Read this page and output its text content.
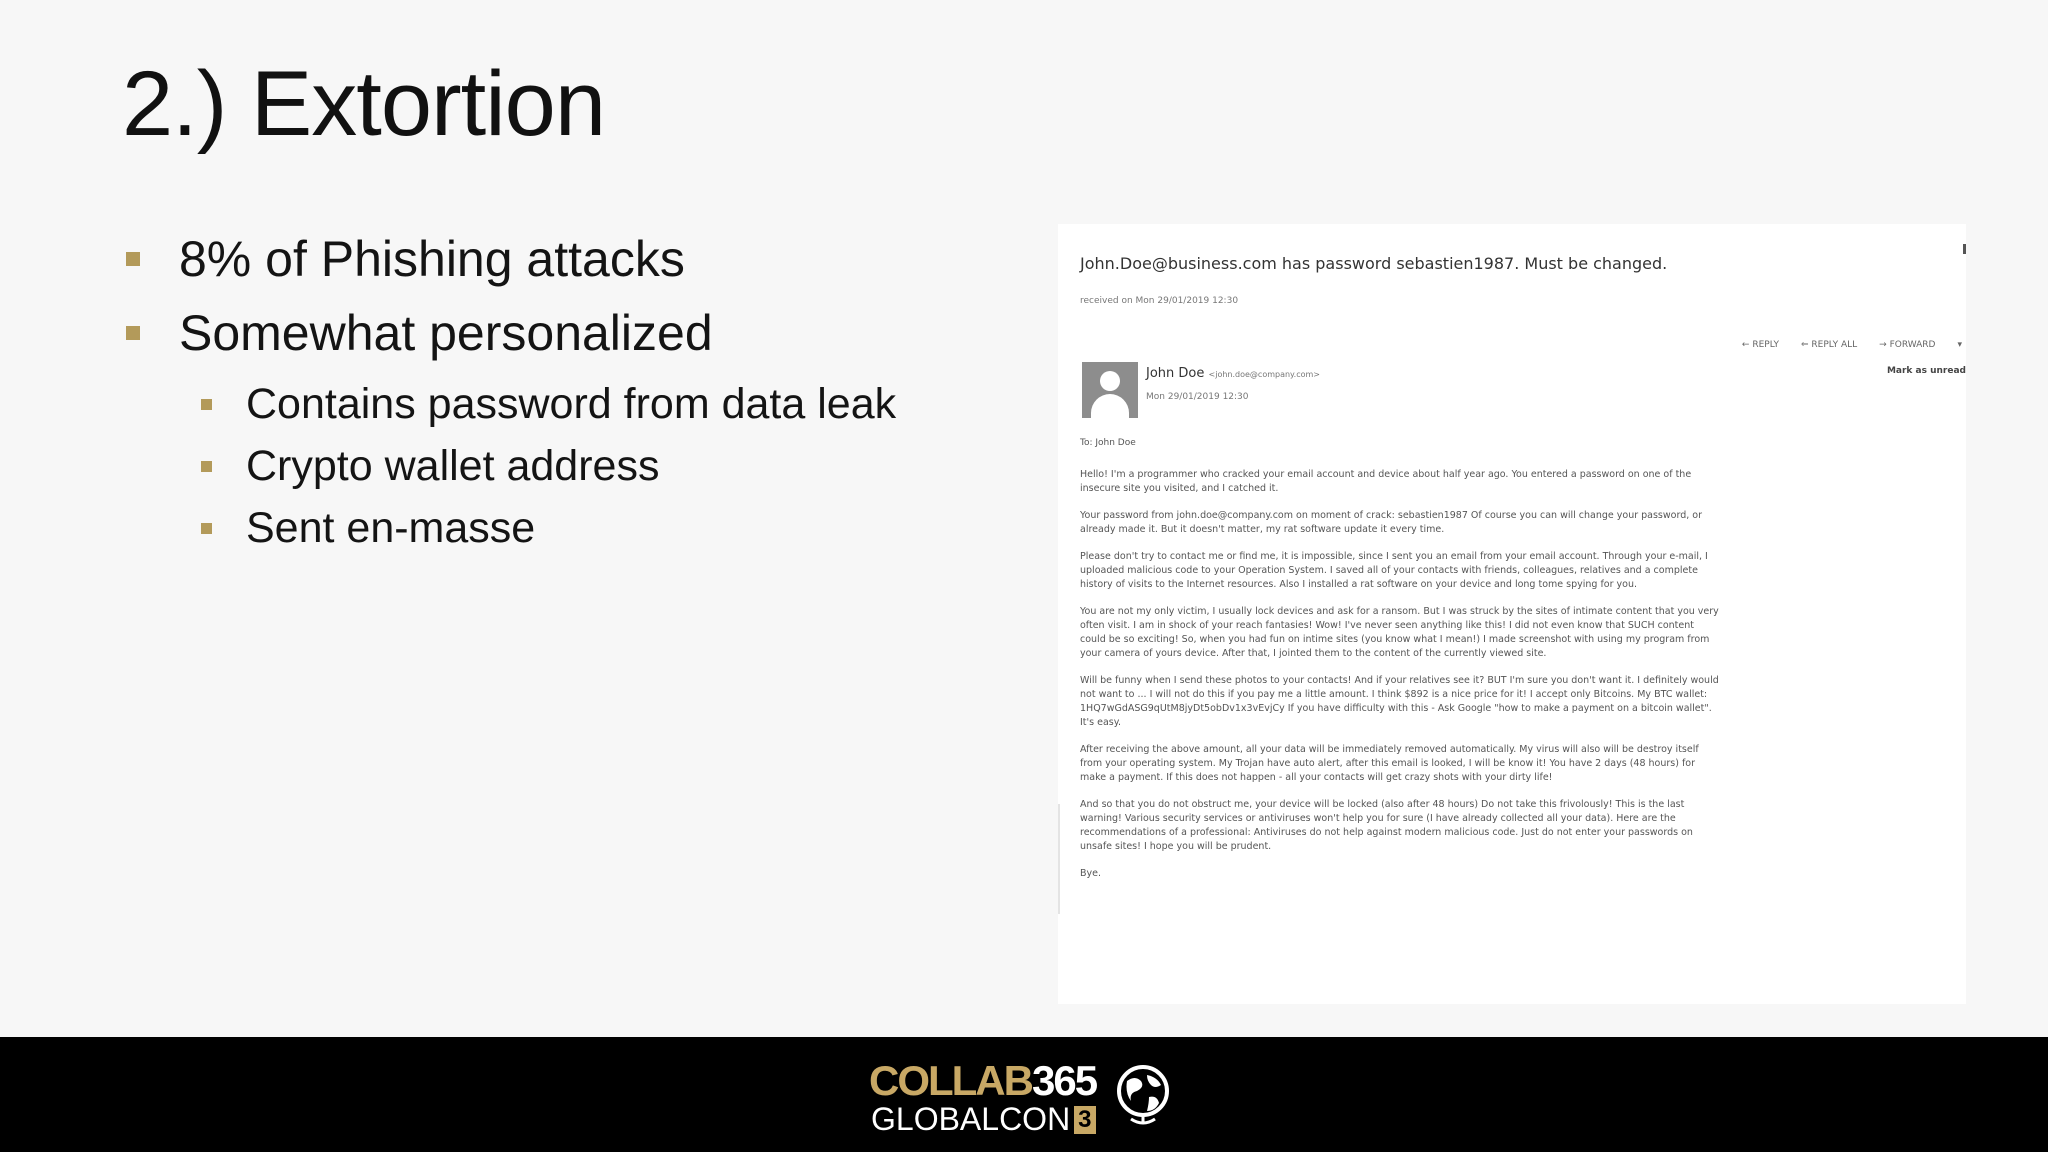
2.) Extortion
8% of Phishing attacks
Somewhat personalized
Contains password from data leak
Crypto wallet address
Sent en-masse
John.Doe@business.com has password sebastien1987. Must be changed.
received on Mon 29/01/2019 12:30
← REPLY ⇐ REPLY ALL → FORWARD ▾
Mark as unread
John Doe <john.doe@company.com>
Mon 29/01/2019 12:30
To: John Doe

Hello! I'm a programmer who cracked your email account and device about half year ago. You entered a password on one of the insecure site you visited, and I catched it.

Your password from john.doe@company.com on moment of crack: sebastien1987 Of course you can will change your password, or already made it. But it doesn't matter, my rat software update it every time.

Please don't try to contact me or find me, it is impossible, since I sent you an email from your email account. Through your e-mail, I uploaded malicious code to your Operation System. I saved all of your contacts with friends, colleagues, relatives and a complete history of visits to the Internet resources. Also I installed a rat software on your device and long tome spying for you.

You are not my only victim, I usually lock devices and ask for a ransom. But I was struck by the sites of intimate content that you very often visit. I am in shock of your reach fantasies! Wow! I've never seen anything like this! I did not even know that SUCH content could be so exciting! So, when you had fun on intime sites (you know what I mean!) I made screenshot with using my program from your camera of yours device. After that, I jointed them to the content of the currently viewed site.

Will be funny when I send these photos to your contacts! And if your relatives see it? BUT I'm sure you don't want it. I definitely would not want to ... I will not do this if you pay me a little amount. I think $892 is a nice price for it! I accept only Bitcoins. My BTC wallet: 1HQ7wGdASG9qUtM8jyDt5obDv1x3vEvjCy If you have difficulty with this - Ask Google "how to make a payment on a bitcoin wallet". It's easy.

After receiving the above amount, all your data will be immediately removed automatically. My virus will also will be destroy itself from your operating system. My Trojan have auto alert, after this email is looked, I will be know it! You have 2 days (48 hours) for make a payment. If this does not happen - all your contacts will get crazy shots with your dirty life!

And so that you do not obstruct me, your device will be locked (also after 48 hours) Do not take this frivolously! This is the last warning! Various security services or antiviruses won't help you for sure (I have already collected all your data). Here are the recommendations of a professional: Antiviruses do not help against modern malicious code. Just do not enter your passwords on unsafe sites! I hope you will be prudent.

Bye.

COLLAB365
GLOBALCON 3
